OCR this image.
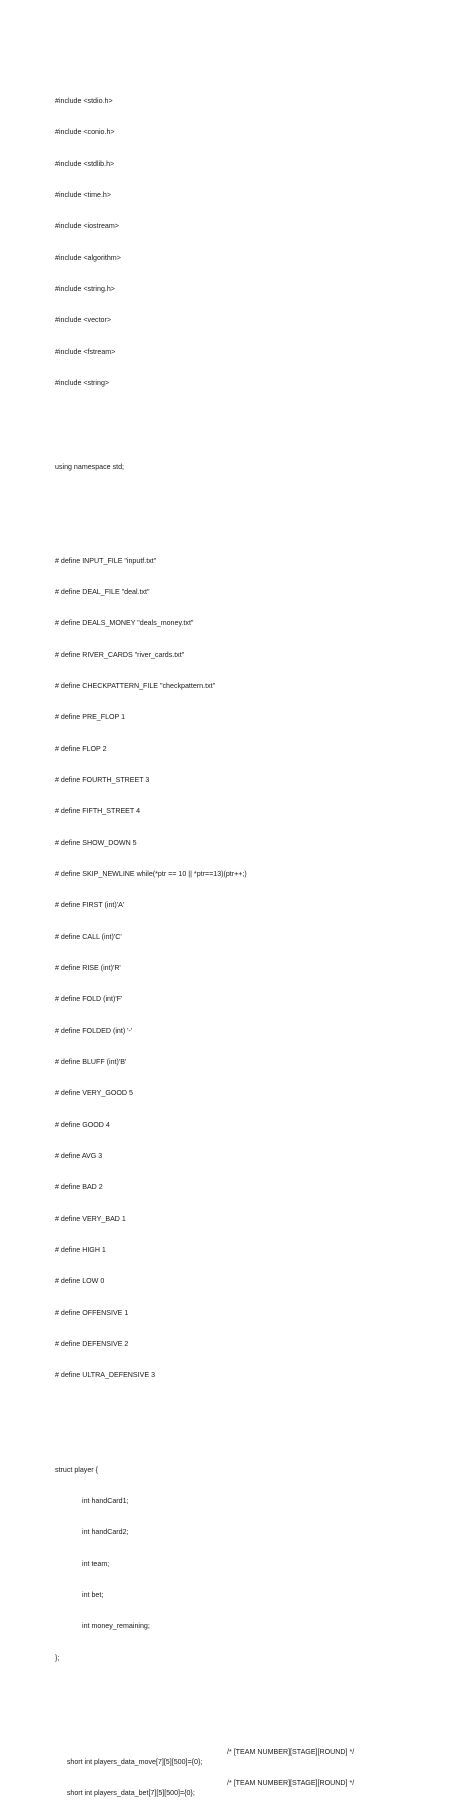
#include <stdio.h>

#include <conio.h>

#include <stdlib.h>

#include <time.h>

#include <iostream>

#include <algorithm>

#include <string.h>

#include <vector>

#include <fstream>

#include <string>

using namespace std;

# define INPUT_FILE "inputf.txt"

# define DEAL_FILE "deal.txt"

# define DEALS_MONEY "deals_money.txt"

# define RIVER_CARDS "river_cards.txt"

# define CHECKPATTERN_FILE "checkpattern.txt"

# define PRE_FLOP 1

# define FLOP 2

# define FOURTH_STREET 3

# define FIFTH_STREET 4

# define SHOW_DOWN 5

# define SKIP_NEWLINE while(*ptr == 10 || *ptr==13)(ptr++;)

# define FIRST (int)'A'

# define CALL (int)'C'

# define RISE (int)'R'

# define FOLD (int)'F'

# define FOLDED (int) '-'

# define BLUFF (int)'B'

# define VERY_GOOD 5

# define GOOD 4

# define AVG 3

# define BAD 2

# define VERY_BAD 1

# define HIGH 1

# define LOW 0

# define OFFENSIVE 1

# define DEFENSIVE 2

# define ULTRA_DEFENSIVE 3

struct player {

int handCard1;

int handCard2;

int team;

int bet;

int money_remaining;

};

short int players_data_move[7][5][500]={0};

/* [TEAM NUMBER][STAGE][ROUND] */

short int players_data_bet[7][5][500]={0};

/* [TEAM NUMBER][STAGE][ROUND] */
